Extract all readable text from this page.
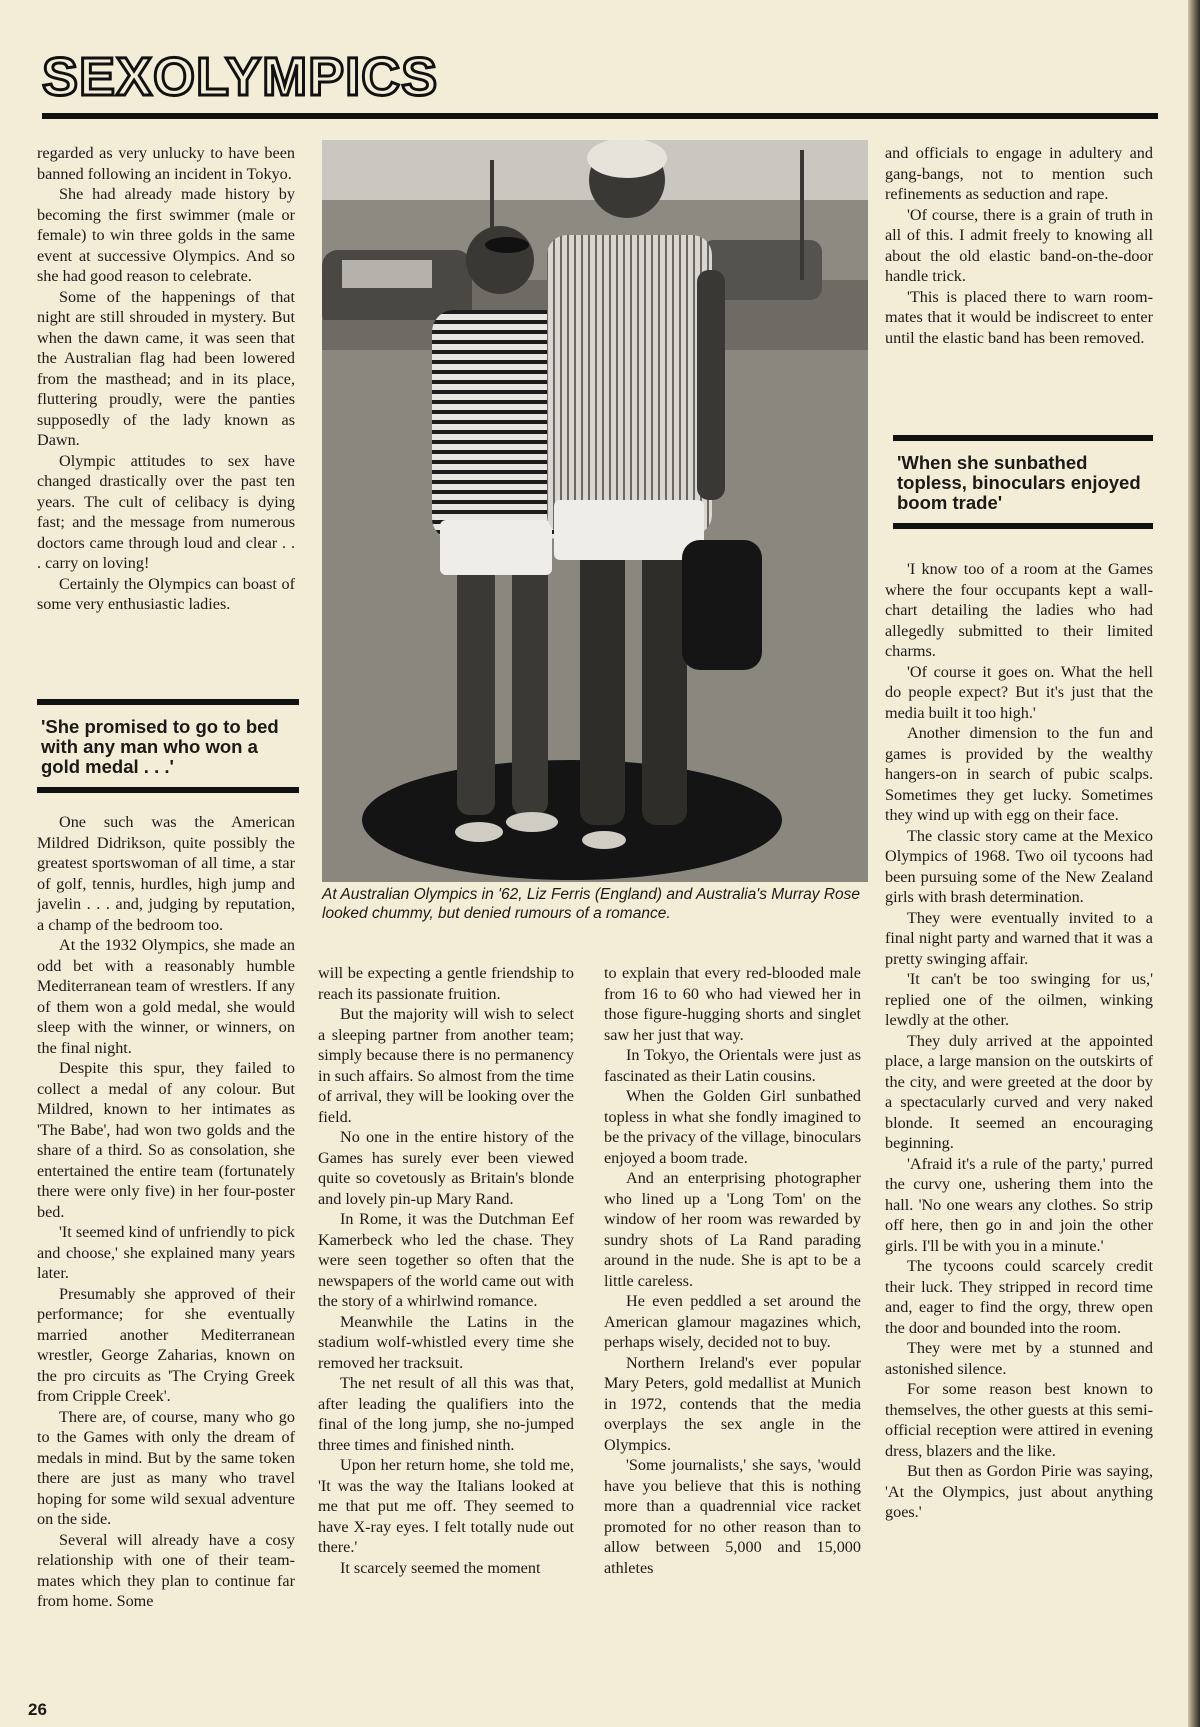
SEXOLYMPICS

regarded as very unlucky to have been banned following an incident in Tokyo.

She had already made history by becoming the first swimmer (male or female) to win three golds in the same event at successive Olympics. And so she had good reason to celebrate.

Some of the happenings of that night are still shrouded in mystery. But when the dawn came, it was seen that the Australian flag had been lowered from the masthead; and in its place, fluttering proudly, were the panties supposedly of the lady known as Dawn.

Olympic attitudes to sex have changed drastically over the past ten years. The cult of celibacy is dying fast; and the message from numerous doctors came through loud and clear . . . carry on loving!

Certainly the Olympics can boast of some very enthusiastic ladies.

'She promised to go to bed with any man who won a gold medal . . .'

One such was the American Mildred Didrikson, quite possibly the greatest sportswoman of all time, a star of golf, tennis, hurdles, high jump and javelin . . . and, judging by reputation, a champ of the bedroom too.

At the 1932 Olympics, she made an odd bet with a reasonably humble Mediterranean team of wrestlers. If any of them won a gold medal, she would sleep with the winner, or winners, on the final night.

Despite this spur, they failed to collect a medal of any colour. But Mildred, known to her intimates as 'The Babe', had won two golds and the share of a third. So as consolation, she entertained the entire team (fortunately there were only five) in her four-poster bed.

'It seemed kind of unfriendly to pick and choose,' she explained many years later.

Presumably she approved of their performance; for she eventually married another Mediterranean wrestler, George Zaharias, known on the pro circuits as 'The Crying Greek from Cripple Creek'.

There are, of course, many who go to the Games with only the dream of medals in mind. But by the same token there are just as many who travel hoping for some wild sexual adventure on the side.

Several will already have a cosy relationship with one of their team-mates which they plan to continue far from home. Some

At Australian Olympics in '62, Liz Ferris (England) and Australia's Murray Rose looked chummy, but denied rumours of a romance.

will be expecting a gentle friendship to reach its passionate fruition.

But the majority will wish to select a sleeping partner from another team; simply because there is no permanency in such affairs. So almost from the time of arrival, they will be looking over the field.

No one in the entire history of the Games has surely ever been viewed quite so covetously as Britain's blonde and lovely pin-up Mary Rand.

In Rome, it was the Dutchman Eef Kamerbeck who led the chase. They were seen together so often that the newspapers of the world came out with the story of a whirlwind romance.

Meanwhile the Latins in the stadium wolf-whistled every time she removed her tracksuit.

The net result of all this was that, after leading the qualifiers into the final of the long jump, she no-jumped three times and finished ninth.

Upon her return home, she told me, 'It was the way the Italians looked at me that put me off. They seemed to have X-ray eyes. I felt totally nude out there.'

It scarcely seemed the moment

to explain that every red-blooded male from 16 to 60 who had viewed her in those figure-hugging shorts and singlet saw her just that way.

In Tokyo, the Orientals were just as fascinated as their Latin cousins.

When the Golden Girl sunbathed topless in what she fondly imagined to be the privacy of the village, binoculars enjoyed a boom trade.

And an enterprising photographer who lined up a 'Long Tom' on the window of her room was rewarded by sundry shots of La Rand parading around in the nude. She is apt to be a little careless.

He even peddled a set around the American glamour magazines which, perhaps wisely, decided not to buy.

Northern Ireland's ever popular Mary Peters, gold medallist at Munich in 1972, contends that the media overplays the sex angle in the Olympics.

'Some journalists,' she says, 'would have you believe that this is nothing more than a quadrennial vice racket promoted for no other reason than to allow between 5,000 and 15,000 athletes

and officials to engage in adultery and gang-bangs, not to mention such refinements as seduction and rape.

'Of course, there is a grain of truth in all of this. I admit freely to knowing all about the old elastic band-on-the-door handle trick.

'This is placed there to warn room-mates that it would be indiscreet to enter until the elastic band has been removed.

'When she sunbathed topless, binoculars enjoyed boom trade'

'I know too of a room at the Games where the four occupants kept a wall-chart detailing the ladies who had allegedly submitted to their limited charms.

'Of course it goes on. What the hell do people expect? But it's just that the media built it too high.'

Another dimension to the fun and games is provided by the wealthy hangers-on in search of pubic scalps. Sometimes they get lucky. Sometimes they wind up with egg on their face.

The classic story came at the Mexico Olympics of 1968. Two oil tycoons had been pursuing some of the New Zealand girls with brash determination.

They were eventually invited to a final night party and warned that it was a pretty swinging affair.

'It can't be too swinging for us,' replied one of the oilmen, winking lewdly at the other.

They duly arrived at the appointed place, a large mansion on the outskirts of the city, and were greeted at the door by a spectacularly curved and very naked blonde. It seemed an encouraging beginning.

'Afraid it's a rule of the party,' purred the curvy one, ushering them into the hall. 'No one wears any clothes. So strip off here, then go in and join the other girls. I'll be with you in a minute.'

The tycoons could scarcely credit their luck. They stripped in record time and, eager to find the orgy, threw open the door and bounded into the room.

They were met by a stunned and astonished silence.

For some reason best known to themselves, the other guests at this semi-official reception were attired in evening dress, blazers and the like.

But then as Gordon Pirie was saying, 'At the Olympics, just about anything goes.'

26
